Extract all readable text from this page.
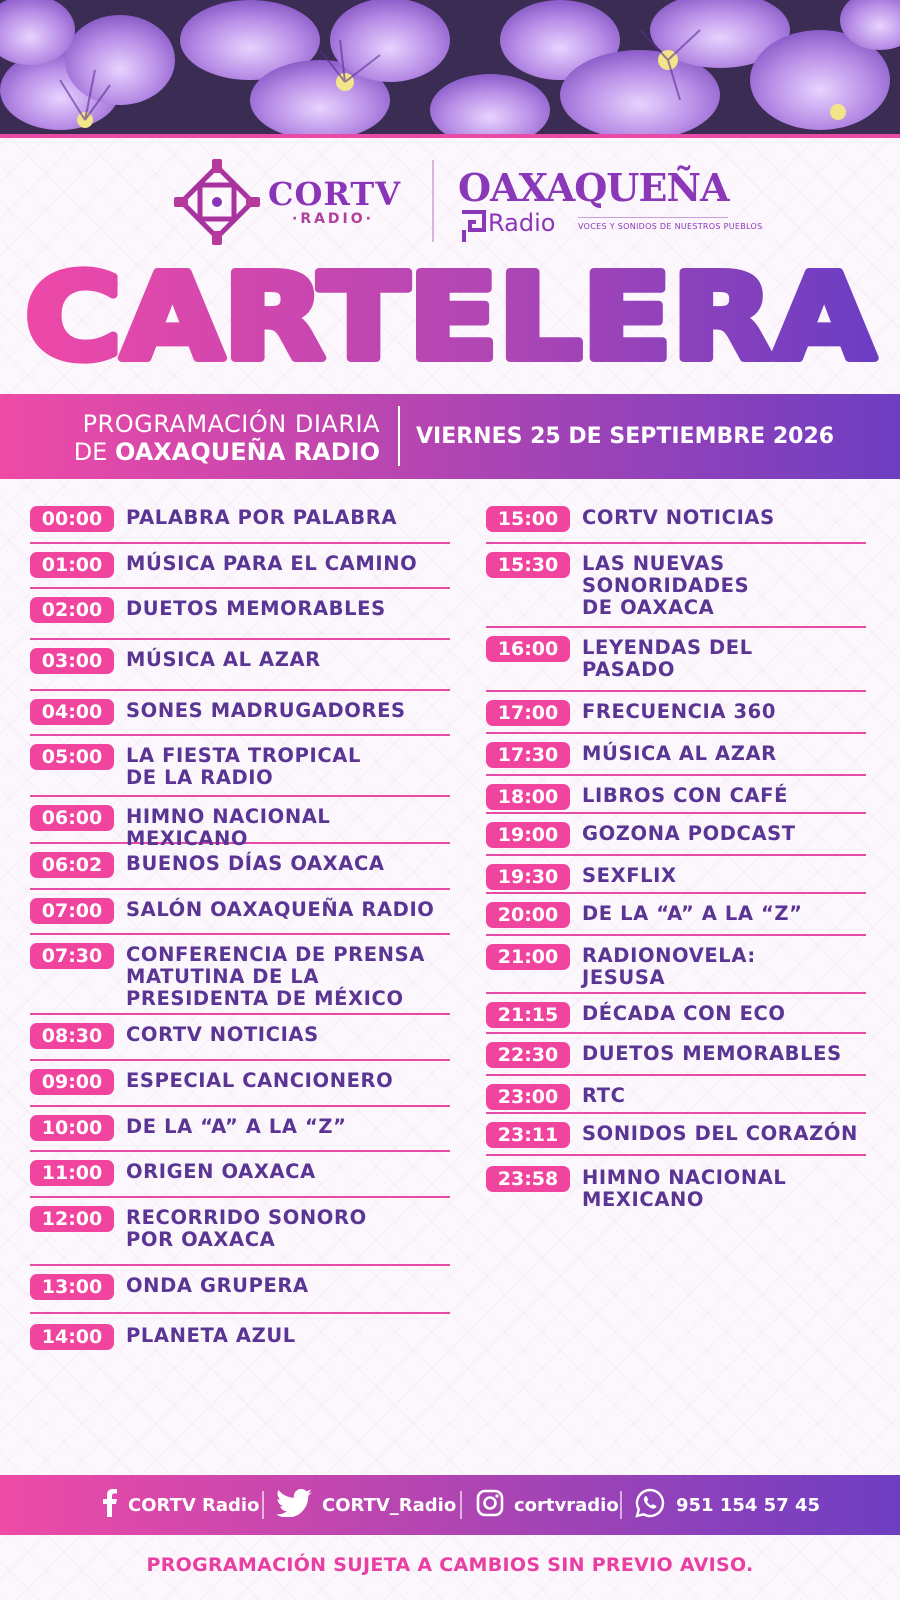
CORTV
·RADIO·
OAXAQUEÑA
Radio	VOCES Y SONIDOS DE NUESTROS PUEBLOS
CARTELERA
PROGRAMACIÓN DIARIA
DE OAXAQUEÑA RADIO
VIERNES 25 DE SEPTIEMBRE 2026
00:00	PALABRA POR PALABRA
01:00	MÚSICA PARA EL CAMINO
02:00	DUETOS MEMORABLES
03:00	MÚSICA AL AZAR
04:00	SONES MADRUGADORES
05:00	LA FIESTA TROPICAL
DE LA RADIO
06:00	HIMNO NACIONAL MEXICANO
06:02	BUENOS DÍAS OAXACA
07:00	SALÓN OAXAQUEÑA RADIO
07:30	CONFERENCIA DE PRENSA
MATUTINA DE LA
PRESIDENTA DE MÉXICO
08:30	CORTV NOTICIAS
09:00	ESPECIAL CANCIONERO
10:00	DE LA “A” A LA “Z”
11:00	ORIGEN OAXACA
12:00	RECORRIDO SONORO
POR OAXACA
13:00	ONDA GRUPERA
14:00	PLANETA AZUL
15:00	CORTV NOTICIAS
15:30	LAS NUEVAS
SONORIDADES
DE OAXACA
16:00	LEYENDAS DEL
PASADO
17:00	FRECUENCIA 360
17:30	MÚSICA AL AZAR
18:00	LIBROS CON CAFÉ
19:00	GOZONA PODCAST
19:30	SEXFLIX
20:00	DE LA “A” A LA “Z”
21:00	RADIONOVELA:
JESUSA
21:15	DÉCADA CON ECO
22:30	DUETOS MEMORABLES
23:00	RTC
23:11	SONIDOS DEL CORAZÓN
23:58	HIMNO NACIONAL
MEXICANO
CORTV Radio	CORTV_Radio	cortvradio	951 154 57 45
PROGRAMACIÓN SUJETA A CAMBIOS SIN PREVIO AVISO.
